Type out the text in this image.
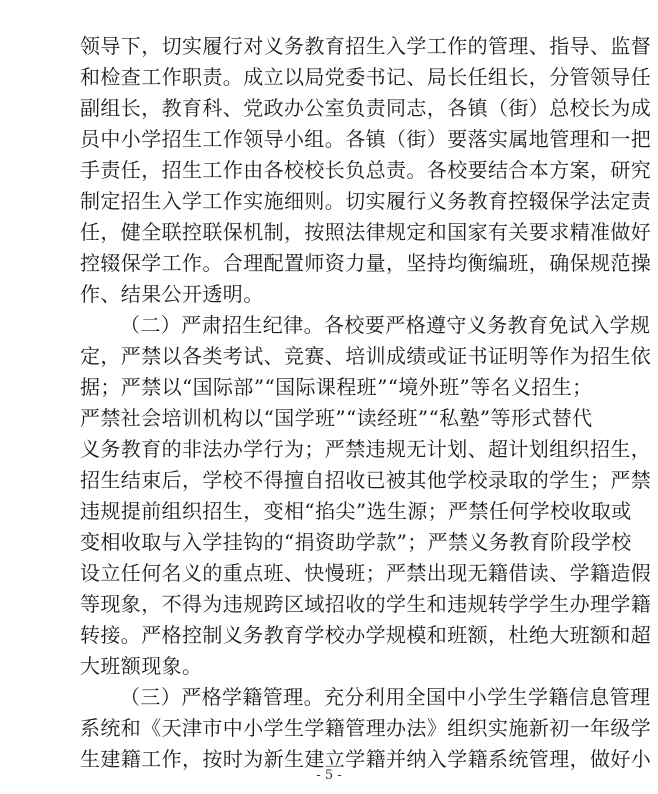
领导下，切实履行对义务教育招生入学工作的管理、指导、监督
和检查工作职责。成立以局党委书记、局长任组长，分管领导任
副组长，教育科、党政办公室负责同志，各镇（街）总校长为成
员中小学招生工作领导小组。各镇（街）要落实属地管理和一把
手责任，招生工作由各校校长负总责。各校要结合本方案，研究
制定招生入学工作实施细则。切实履行义务教育控辍保学法定责
任，健全联控联保机制，按照法律规定和国家有关要求精准做好
控辍保学工作。合理配置师资力量，坚持均衡编班，确保规范操
作、结果公开透明。
（二）严肃招生纪律。各校要严格遵守义务教育免试入学规
定，严禁以各类考试、竞赛、培训成绩或证书证明等作为招生依
据；严禁以“国际部”“国际课程班”“境外班”等名义招生；
严禁社会培训机构以“国学班”“读经班”“私塾”等形式替代
义务教育的非法办学行为；严禁违规无计划、超计划组织招生，
招生结束后，学校不得擅自招收已被其他学校录取的学生；严禁
违规提前组织招生，变相“掐尖”选生源；严禁任何学校收取或
变相收取与入学挂钩的“捐资助学款”；严禁义务教育阶段学校
设立任何名义的重点班、快慢班；严禁出现无籍借读、学籍造假
等现象，不得为违规跨区域招收的学生和违规转学学生办理学籍
转接。严格控制义务教育学校办学规模和班额，杜绝大班额和超
大班额现象。
（三）严格学籍管理。充分利用全国中小学生学籍信息管理
系统和《天津市中小学生学籍管理办法》组织实施新初一年级学
生建籍工作，按时为新生建立学籍并纳入学籍系统管理，做好小
- 5 -
